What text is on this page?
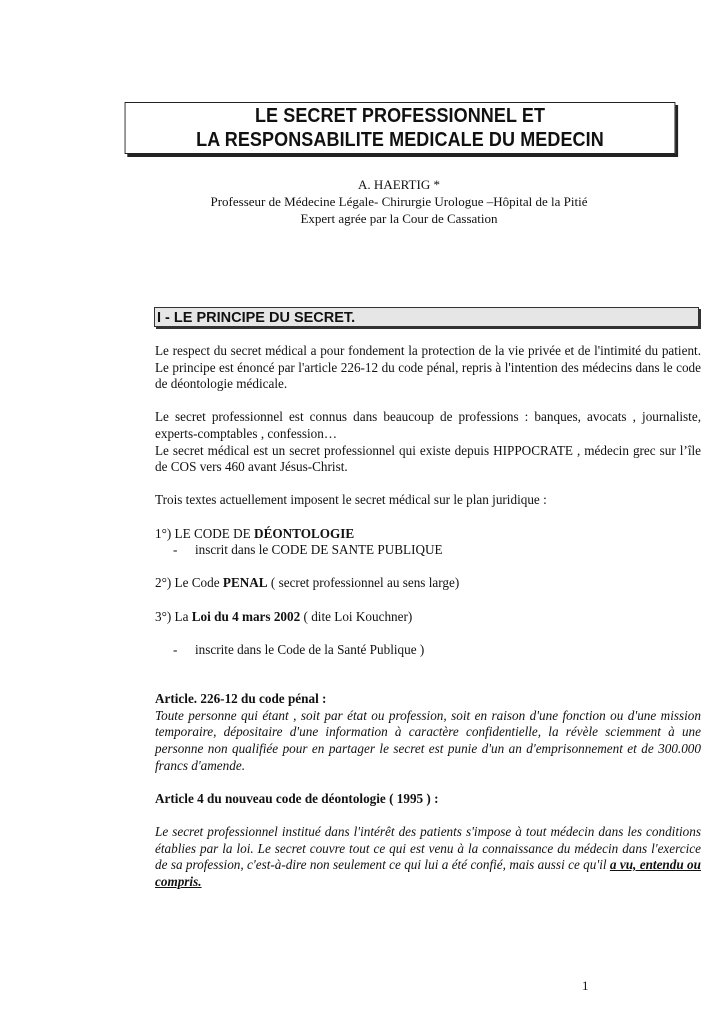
LE SECRET PROFESSIONNEL ET
LA RESPONSABILITE MEDICALE DU MEDECIN
A. HAERTIG *
Professeur de Médecine Légale- Chirurgie Urologue –Hôpital de la Pitié
Expert agrée par la Cour de Cassation
I - LE PRINCIPE DU SECRET.

Le respect du secret médical a pour fondement la protection de la vie privée et de l'intimité du patient. Le principe est énoncé par l'article 226-12 du code pénal, repris à l'intention des médecins dans le code de déontologie médicale.

Le secret professionnel est connus dans beaucoup de professions : banques, avocats , journaliste, experts-comptables , confession…

Le secret médical est un secret professionnel qui existe depuis HIPPOCRATE , médecin grec sur l’île de COS vers 460 avant Jésus-Christ.

Trois textes actuellement imposent le secret médical sur le plan juridique :

1°) LE CODE DE DÉONTOLOGIE

- inscrit dans le CODE DE SANTE PUBLIQUE

2°) Le Code PENAL ( secret professionnel au sens large)

3°) La Loi du 4 mars 2002 ( dite Loi Kouchner)

- inscrite dans le Code de la Santé Publique )

Article. 226-12 du code pénal :

Toute personne qui étant , soit par état ou profession, soit en raison d'une fonction ou d'une mission temporaire, dépositaire d'une information à caractère confidentielle, la révèle sciemment à une personne non qualifiée pour en partager le secret est punie d'un an d'emprisonnement et de 300.000 francs d'amende.

Article 4 du nouveau code de déontologie ( 1995 ) :

Le secret professionnel institué dans l'intérêt des patients s'impose à tout médecin dans les conditions établies par la loi. Le secret couvre tout ce qui est venu à la connaissance du médecin dans l'exercice de sa profession, c'est-à-dire non seulement ce qui lui a été confié, mais aussi ce qu'il a vu, entendu ou compris.

1
